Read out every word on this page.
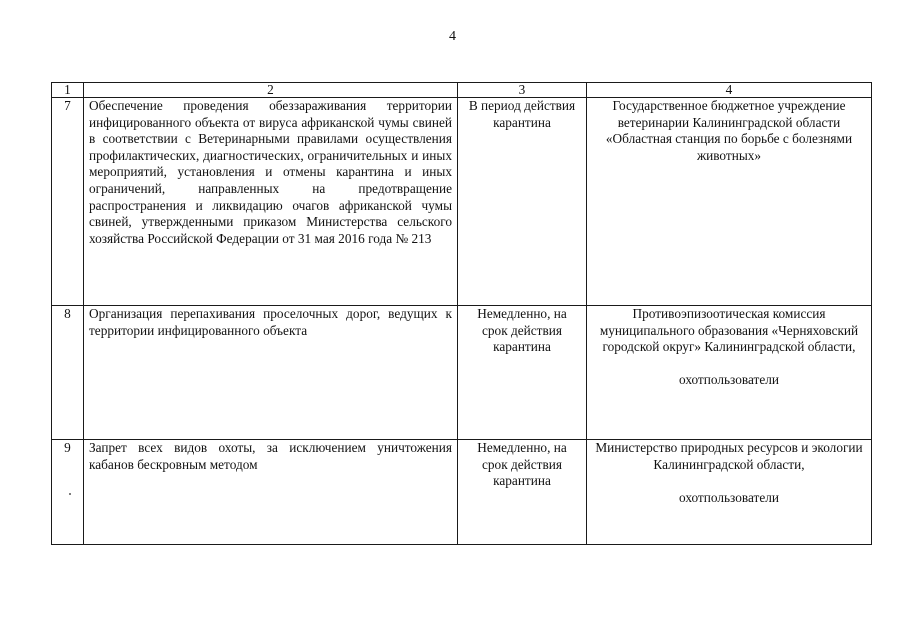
4
1	2	3	4
7	Обеспечение проведения обеззараживания территории инфицированного объекта от вируса африканской чумы свиней в соответствии с Ветеринарными правилами осуществления профилактических, диагностических, ограничительных и иных мероприятий, установления и отмены карантина и иных ограничений, направленных на предотвращение распространения и ликвидацию очагов африканской чумы свиней, утвержденными приказом Министерства сельского хозяйства Российской Федерации от 31 мая 2016 года № 213	В период действия карантина	Государственное бюджетное учреждение ветеринарии Калининградской области «Областная станция по борьбе с болезнями животных»
8	Организация перепахивания проселочных дорог, ведущих к территории инфицированного объекта	Немедленно, на срок действия карантина	Противоэпизоотическая комиссия муниципального образования «Черняховский городской округ» Калининградской области,
охотпользователи
9	Запрет всех видов охоты, за исключением уничтожения кабанов бескровным методом	Немедленно, на срок действия карантина	Министерство природных ресурсов и экологии Калининградской области,
охотпользователи
